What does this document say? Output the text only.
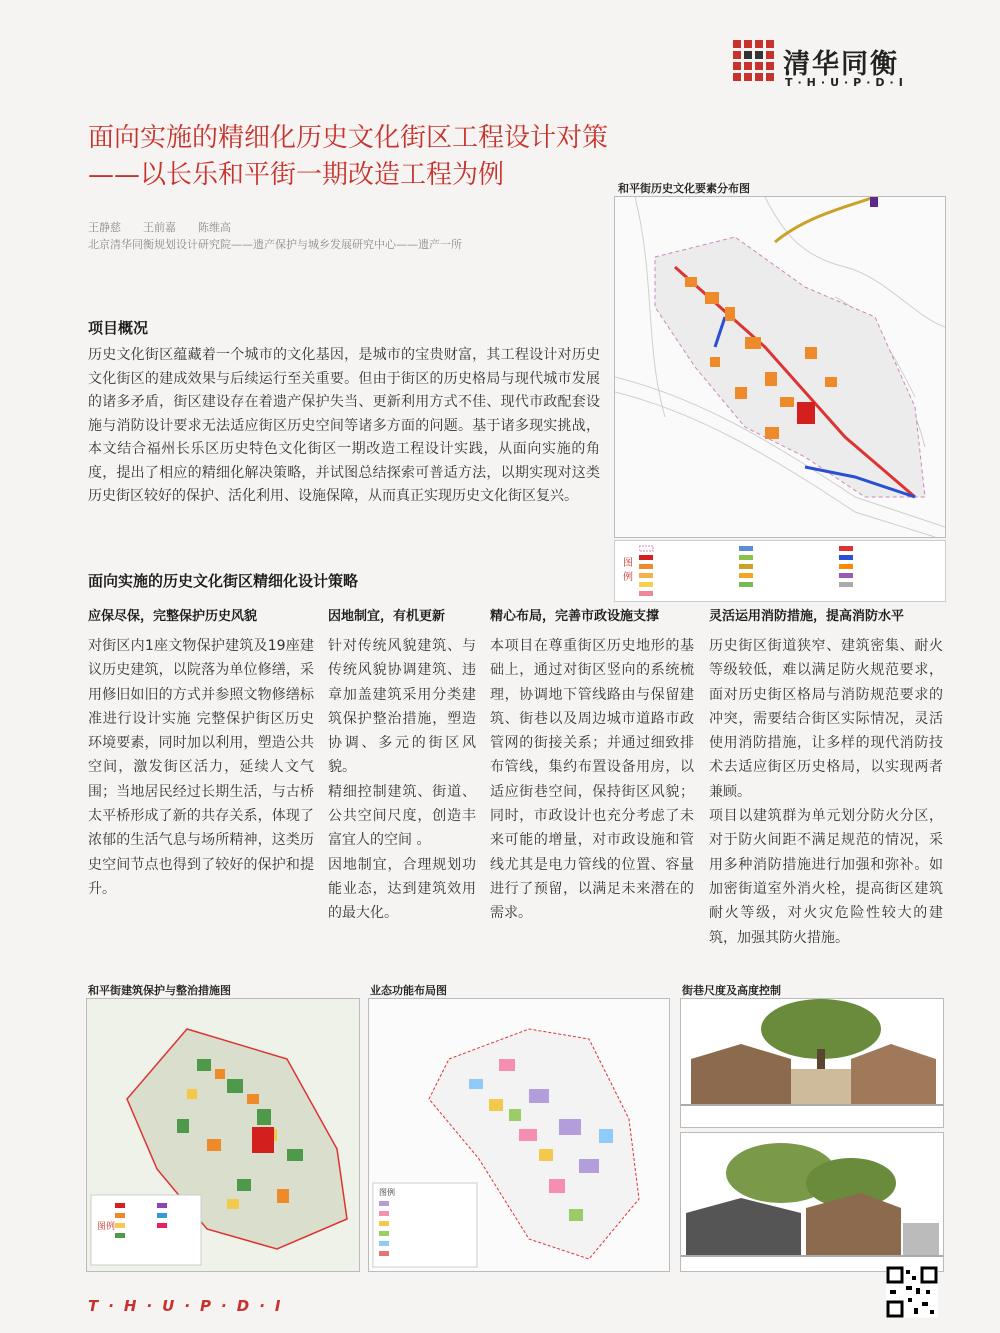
清华同衡
T·H·U·P·D·I
面向实施的精细化历史文化街区工程设计对策
——以长乐和平街一期改造工程为例
王静慈　　王前嘉　　陈维高
北京清华同衡规划设计研究院——遗产保护与城乡发展研究中心——遗产一所
项目概况
历史文化街区蕴藏着一个城市的文化基因，是城市的宝贵财富，其工程设计对历史文化街区的建成效果与后续运行至关重要。但由于街区的历史格局与现代城市发展的诸多矛盾，街区建设存在着遗产保护失当、更新利用方式不佳、现代市政配套设施与消防设计要求无法适应街区历史空间等诸多方面的问题。基于诸多现实挑战，本文结合福州长乐区历史特色文化街区一期改造工程设计实践，从面向实施的角度，提出了相应的精细化解决策略，并试图总结探索可普适方法，以期实现对这类历史街区较好的保护、活化利用、设施保障，从而真正实现历史文化街区复兴。
和平街历史文化要素分布图
图例
面向实施的历史文化街区精细化设计策略
应保尽保，完整保护历史风貌

对街区内1座文物保护建筑及19座建议历史建筑，以院落为单位修缮，采用修旧如旧的方式并参照文物修缮标准进行设计实施 完整保护街区历史环境要素，同时加以利用，塑造公共空间，激发街区活力，延续人文气围；当地居民经过长期生活，与古桥太平桥形成了新的共存关系，体现了浓郁的生活气息与场所精神，这类历史空间节点也得到了较好的保护和提升。

因地制宜，有机更新

针对传统风貌建筑、与传统风貌协调建筑、违章加盖建筑采用分类建筑保护整治措施，塑造协调、多元的街区风貌。

精细控制建筑、街道、公共空间尺度，创造丰富宜人的空间 。

因地制宜，合理规划功能业态，达到建筑效用的最大化。

精心布局，完善市政设施支撑

本项目在尊重街区历史地形的基础上，通过对街区竖向的系统梳理，协调地下管线路由与保留建筑、街巷以及周边城市道路市政管网的街接关系；并通过细致排布管线，集约布置设备用房，以适应街巷空间，保持街区风貌；同时，市政设计也充分考虑了未来可能的增量，对市政设施和管线尤其是电力管线的位置、容量进行了预留，以满足未来潜在的需求。

灵活运用消防措施，提高消防水平

历史街区街道狭窄、建筑密集、耐火等级较低，难以满足防火规范要求，面对历史街区格局与消防规范要求的冲突，需要结合街区实际情况，灵活使用消防措施，让多样的现代消防技术去适应街区历史格局，以实现两者兼顾。

项目以建筑群为单元划分防火分区，对于防火间距不满足规范的情况，采用多种消防措施进行加强和弥补。如加密街道室外消火栓，提高街区建筑耐火等级，对火灾危险性较大的建筑，加强其防火措施。

和平街建筑保护与整治措施图
图例
业态功能布局图
图例
街巷尺度及高度控制
T·H·U·P·D·I
